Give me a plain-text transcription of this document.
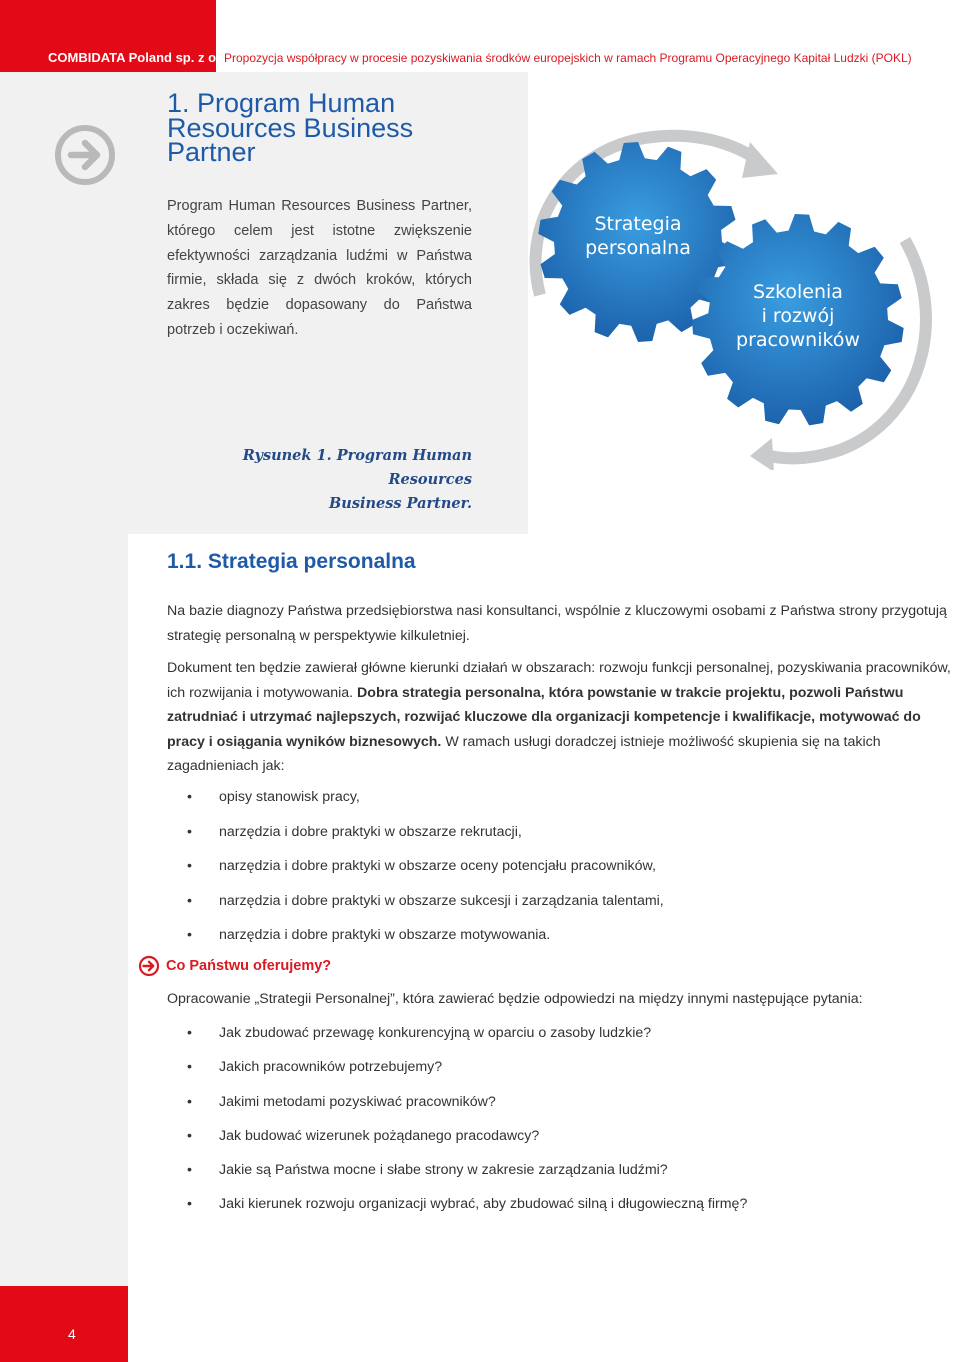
COMBIDATA Poland sp. z o.o.
Propozycja współpracy w procesie pozyskiwania środków europejskich w ramach Programu Operacyjnego Kapitał Ludzki (POKL)
1. Program Human Resources Business Partner
Program Human Resources Business Partner, którego celem jest istotne zwiększenie efektywności zarządzania ludźmi w Państwa firmie, składa się z dwóch kroków, których zakres będzie dopasowany do Państwa potrzeb i oczekiwań.
Strategia
personalna
Szkolenia
i rozwój
pracowników
Rysunek 1. Program Human Resources
Business Partner.
1.1. Strategia personalna
Na bazie diagnozy Państwa przedsiębiorstwa nasi konsultanci, wspólnie z kluczowymi osobami z Państwa strony przygotują strategię personalną w perspektywie kilkuletniej.
Dokument ten będzie zawierał główne kierunki działań w obszarach: rozwoju funkcji personalnej, pozyskiwania pracowników, ich rozwijania i motywowania. Dobra strategia personalna, która powstanie w trakcie projektu, pozwoli Państwu zatrudniać i utrzymać najlepszych, rozwijać kluczowe dla organizacji kompetencje i kwalifikacje, motywować do pracy i osiągania wyników biznesowych. W ramach usługi doradczej istnieje możliwość skupienia się na takich zagadnieniach jak:
• opisy stanowisk pracy,
• narzędzia i dobre praktyki w obszarze rekrutacji,
• narzędzia i dobre praktyki w obszarze oceny potencjału pracowników,
• narzędzia i dobre praktyki w obszarze sukcesji i zarządzania talentami,
• narzędzia i dobre praktyki w obszarze motywowania.
Co Państwu oferujemy?
Opracowanie „Strategii Personalnej”, która zawierać będzie odpowiedzi na między innymi następujące pytania:
• Jak zbudować przewagę konkurencyjną w oparciu o zasoby ludzkie?
• Jakich pracowników potrzebujemy?
• Jakimi metodami pozyskiwać pracowników?
• Jak budować wizerunek pożądanego pracodawcy?
• Jakie są Państwa mocne i słabe strony w zakresie zarządzania ludźmi?
• Jaki kierunek rozwoju organizacji wybrać, aby zbudować silną i długowieczną firmę?
4
